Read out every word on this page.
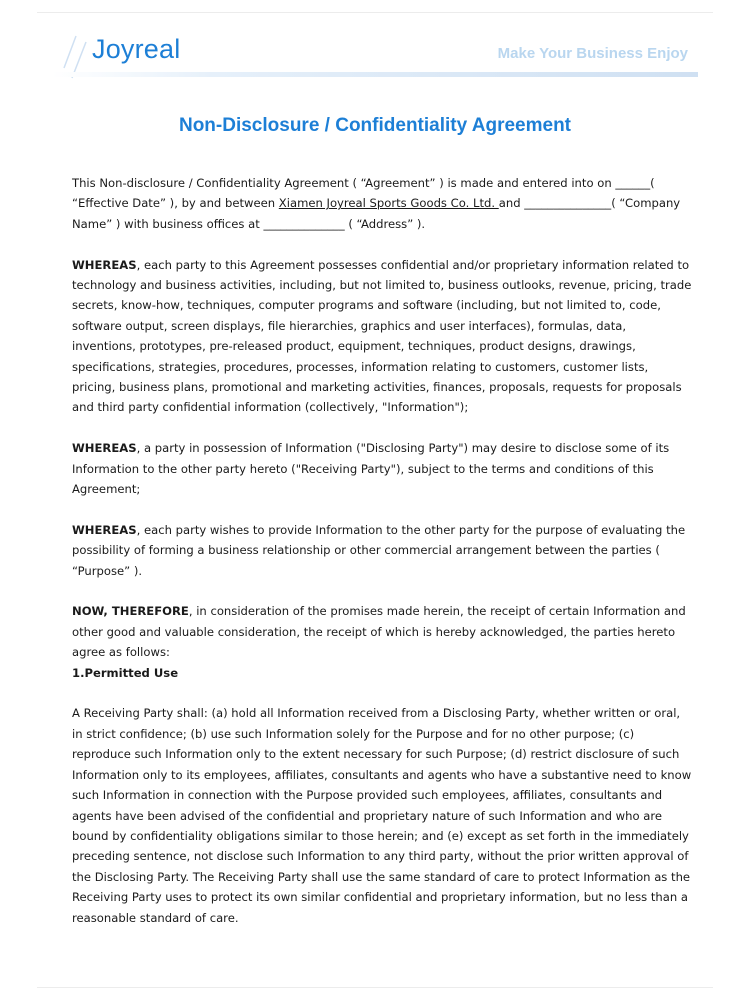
Joyreal	Make Your Business Enjoy
Non-Disclosure / Confidentiality Agreement

This Non-disclosure / Confidentiality Agreement ( “Agreement” ) is made and entered into on ______( “Effective Date” ), by and between Xiamen Joyreal Sports Goods Co. Ltd. and _______________( “Company Name” ) with business offices at ______________ ( “Address” ).

WHEREAS, each party to this Agreement possesses confidential and/or proprietary information related to technology and business activities, including, but not limited to, business outlooks, revenue, pricing, trade secrets, know-how, techniques, computer programs and software (including, but not limited to, code, software output, screen displays, file hierarchies, graphics and user interfaces), formulas, data, inventions, prototypes, pre-released product, equipment, techniques, product designs, drawings, specifications, strategies, procedures, processes, information relating to customers, customer lists, pricing, business plans, promotional and marketing activities, finances, proposals, requests for proposals and third party confidential information (collectively, "Information");

WHEREAS, a party in possession of Information ("Disclosing Party") may desire to disclose some of its Information to the other party hereto ("Receiving Party"), subject to the terms and conditions of this Agreement;

WHEREAS, each party wishes to provide Information to the other party for the purpose of evaluating the possibility of forming a business relationship or other commercial arrangement between the parties ( “Purpose” ).

NOW, THEREFORE, in consideration of the promises made herein, the receipt of certain Information and other good and valuable consideration, the receipt of which is hereby acknowledged, the parties hereto agree as follows:

1.Permitted Use

A Receiving Party shall: (a) hold all Information received from a Disclosing Party, whether written or oral, in strict confidence; (b) use such Information solely for the Purpose and for no other purpose; (c) reproduce such Information only to the extent necessary for such Purpose; (d) restrict disclosure of such Information only to its employees, affiliates, consultants and agents who have a substantive need to know such Information in connection with the Purpose provided such employees, affiliates, consultants and agents have been advised of the confidential and proprietary nature of such Information and who are bound by confidentiality obligations similar to those herein; and (e) except as set forth in the immediately preceding sentence, not disclose such Information to any third party, without the prior written approval of the Disclosing Party. The Receiving Party shall use the same standard of care to protect Information as the Receiving Party uses to protect its own similar confidential and proprietary information, but no less than a reasonable standard of care.
